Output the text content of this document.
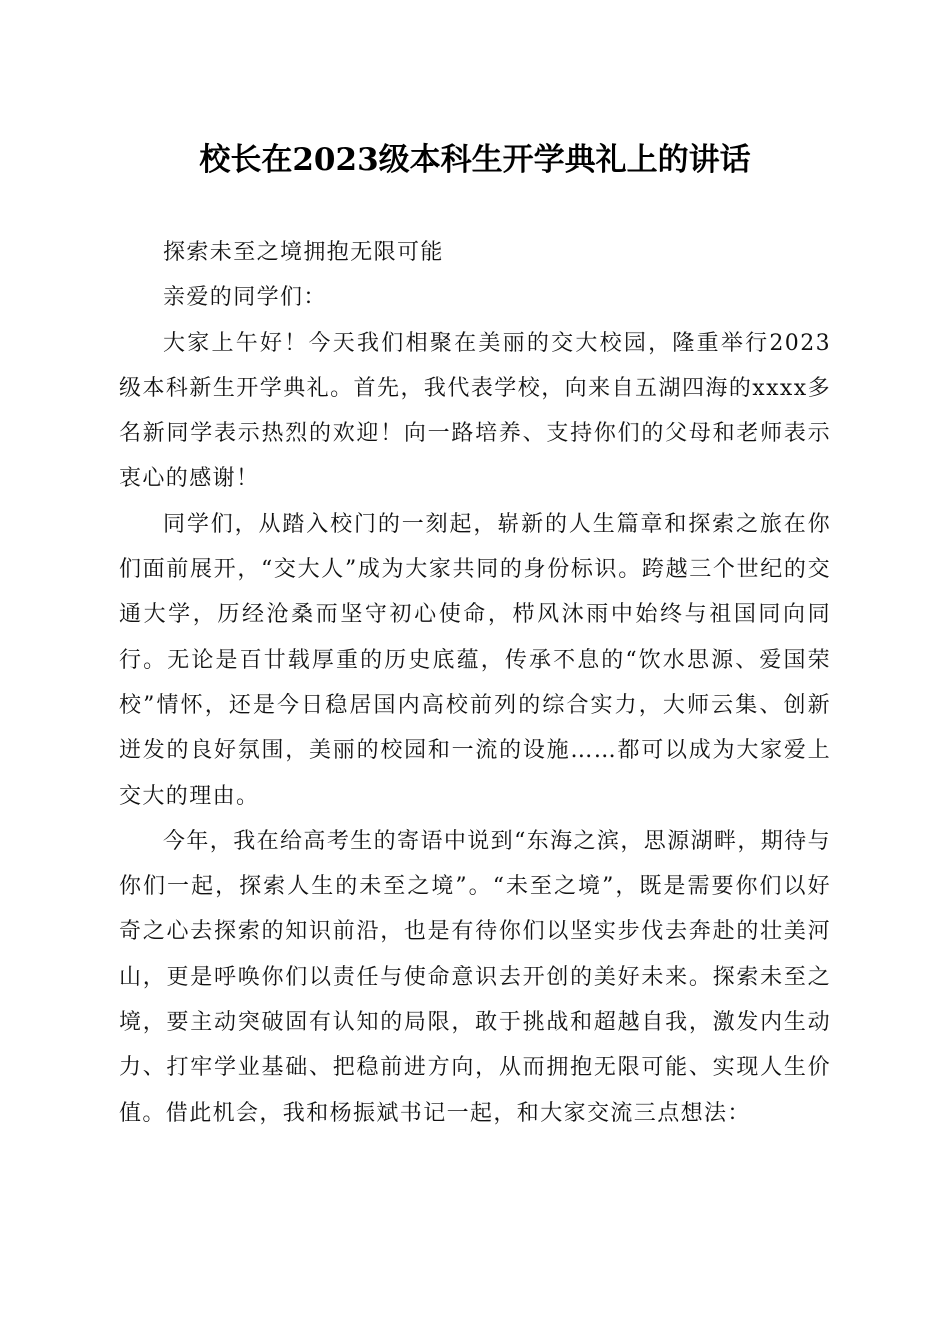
校长在2023级本科生开学典礼上的讲话

探索未至之境拥抱无限可能

亲爱的同学们：

大家上午好！今天我们相聚在美丽的交大校园，隆重举行2023级本科新生开学典礼。首先，我代表学校，向来自五湖四海的xxxx多名新同学表示热烈的欢迎！向一路培养、支持你们的父母和老师表示衷心的感谢！

同学们，从踏入校门的一刻起，崭新的人生篇章和探索之旅在你们面前展开，“交大人”成为大家共同的身份标识。跨越三个世纪的交通大学，历经沧桑而坚守初心使命，栉风沐雨中始终与祖国同向同行。无论是百廿载厚重的历史底蕴，传承不息的“饮水思源、爱国荣校”情怀，还是今日稳居国内高校前列的综合实力，大师云集、创新迸发的良好氛围，美丽的校园和一流的设施……都可以成为大家爱上交大的理由。

今年，我在给高考生的寄语中说到“东海之滨，思源湖畔，期待与你们一起，探索人生的未至之境”。“未至之境”，既是需要你们以好奇之心去探索的知识前沿，也是有待你们以坚实步伐去奔赴的壮美河山，更是呼唤你们以责任与使命意识去开创的美好未来。探索未至之境，要主动突破固有认知的局限，敢于挑战和超越自我，激发内生动力、打牢学业基础、把稳前进方向，从而拥抱无限可能、实现人生价值。借此机会，我和杨振斌书记一起，和大家交流三点想法：
